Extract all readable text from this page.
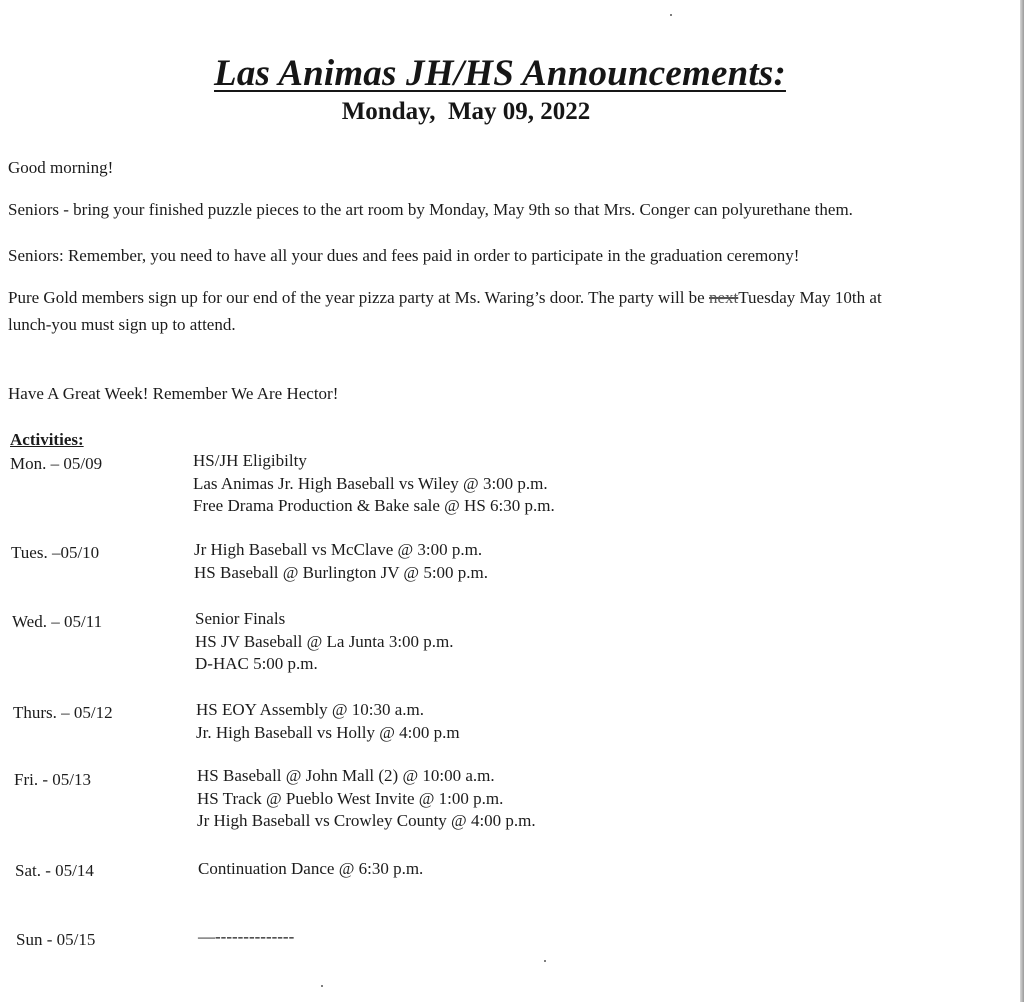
Las Animas JH/HS Announcements:
Monday,  May 09, 2022
Good morning!
Seniors - bring your finished puzzle pieces to the art room by Monday, May 9th so that Mrs. Conger can polyurethane them.
Seniors: Remember, you need to have all your dues and fees paid in order to participate in the graduation ceremony!
Pure Gold members sign up for our end of the year pizza party at Ms. Waring’s door. The party will be nextTuesday May 10th at
lunch-you must sign up to attend.
Have A Great Week! Remember We Are Hector!
Activities:
Mon. – 05/09	HS/JH Eligibilty
Las Animas Jr. High Baseball vs Wiley @ 3:00 p.m.
Free Drama Production & Bake sale @ HS 6:30 p.m.
Tues. –05/10	Jr High Baseball vs McClave @ 3:00 p.m.
HS Baseball @ Burlington JV @ 5:00 p.m.
Wed. – 05/11	Senior Finals
HS JV Baseball @ La Junta 3:00 p.m.
D-HAC 5:00 p.m.
Thurs. – 05/12	HS EOY Assembly @ 10:30 a.m.
Jr. High Baseball vs Holly @ 4:00 p.m
Fri. - 05/13	HS Baseball @ John Mall (2) @ 10:00 a.m.
HS Track @ Pueblo West Invite @ 1:00 p.m.
Jr High Baseball vs Crowley County @ 4:00 p.m.
Sat. - 05/14	Continuation Dance @ 6:30 p.m.
Sun - 05/15	—--------------
